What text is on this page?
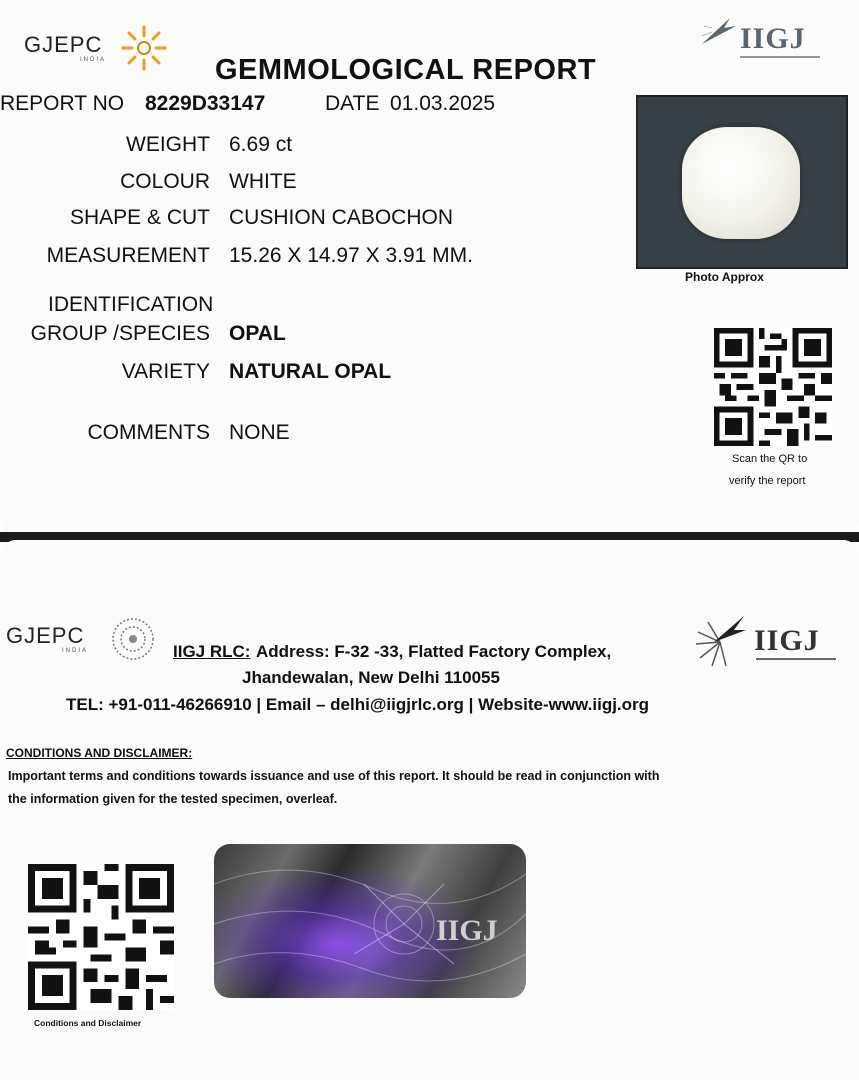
GJEPC
INDIA
IIGJ
GEMMOLOGICAL REPORT
REPORT NO 8229D33147	DATE 01.03.2025
WEIGHT 6.69 ct
COLOUR WHITE
SHAPE & CUT CUSHION CABOCHON
MEASUREMENT 15.26 X 14.97 X 3.91 MM.
IDENTIFICATION
GROUP /SPECIES OPAL
VARIETY NATURAL OPAL
COMMENTS NONE
Photo Approx
Scan the QR to
verify the report
GJEPC
INDIA	IIGJ
IIGJ RLC: Address: F-32 -33, Flatted Factory Complex,
Jhandewalan, New Delhi 110055
TEL: +91-011-46266910 | Email – delhi@iigjrlc.org | Website-www.iigj.org
CONDITIONS AND DISCLAIMER:
Important terms and conditions towards issuance and use of this report. It should be read in conjunction with
the information given for the tested specimen, overleaf.
Conditions and Disclaimer
IIGJ
